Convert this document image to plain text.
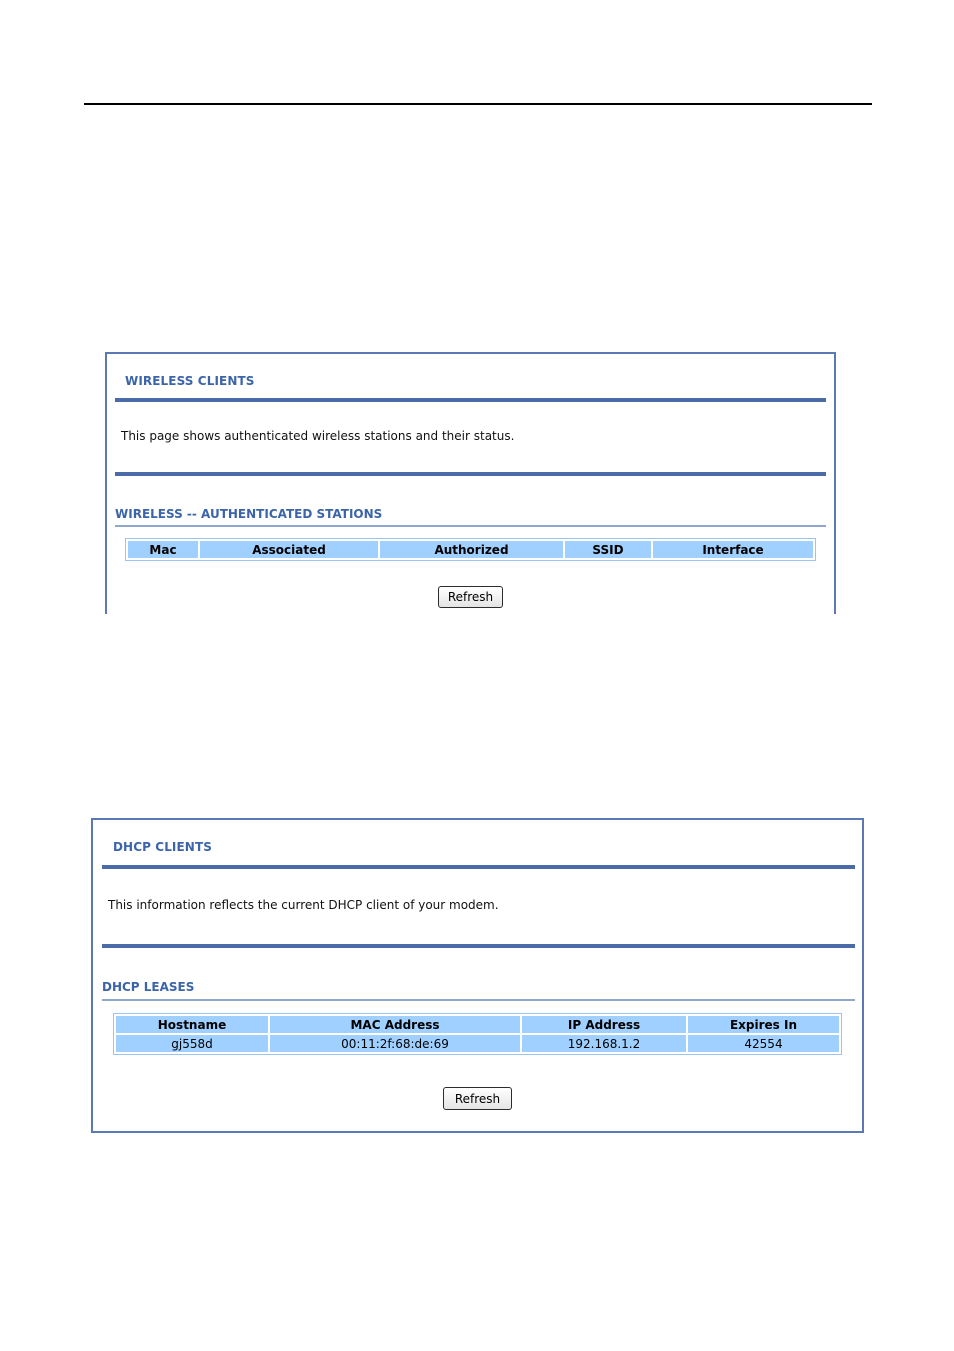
WIRELESS CLIENTS
This page shows authenticated wireless stations and their status.
WIRELESS -- AUTHENTICATED STATIONS
Mac	Associated	Authorized	SSID	Interface
Refresh
DHCP CLIENTS
This information reflects the current DHCP client of your modem.
DHCP LEASES
Hostname	MAC Address	IP Address	Expires In
gj558d	00:11:2f:68:de:69	192.168.1.2	42554
Refresh
